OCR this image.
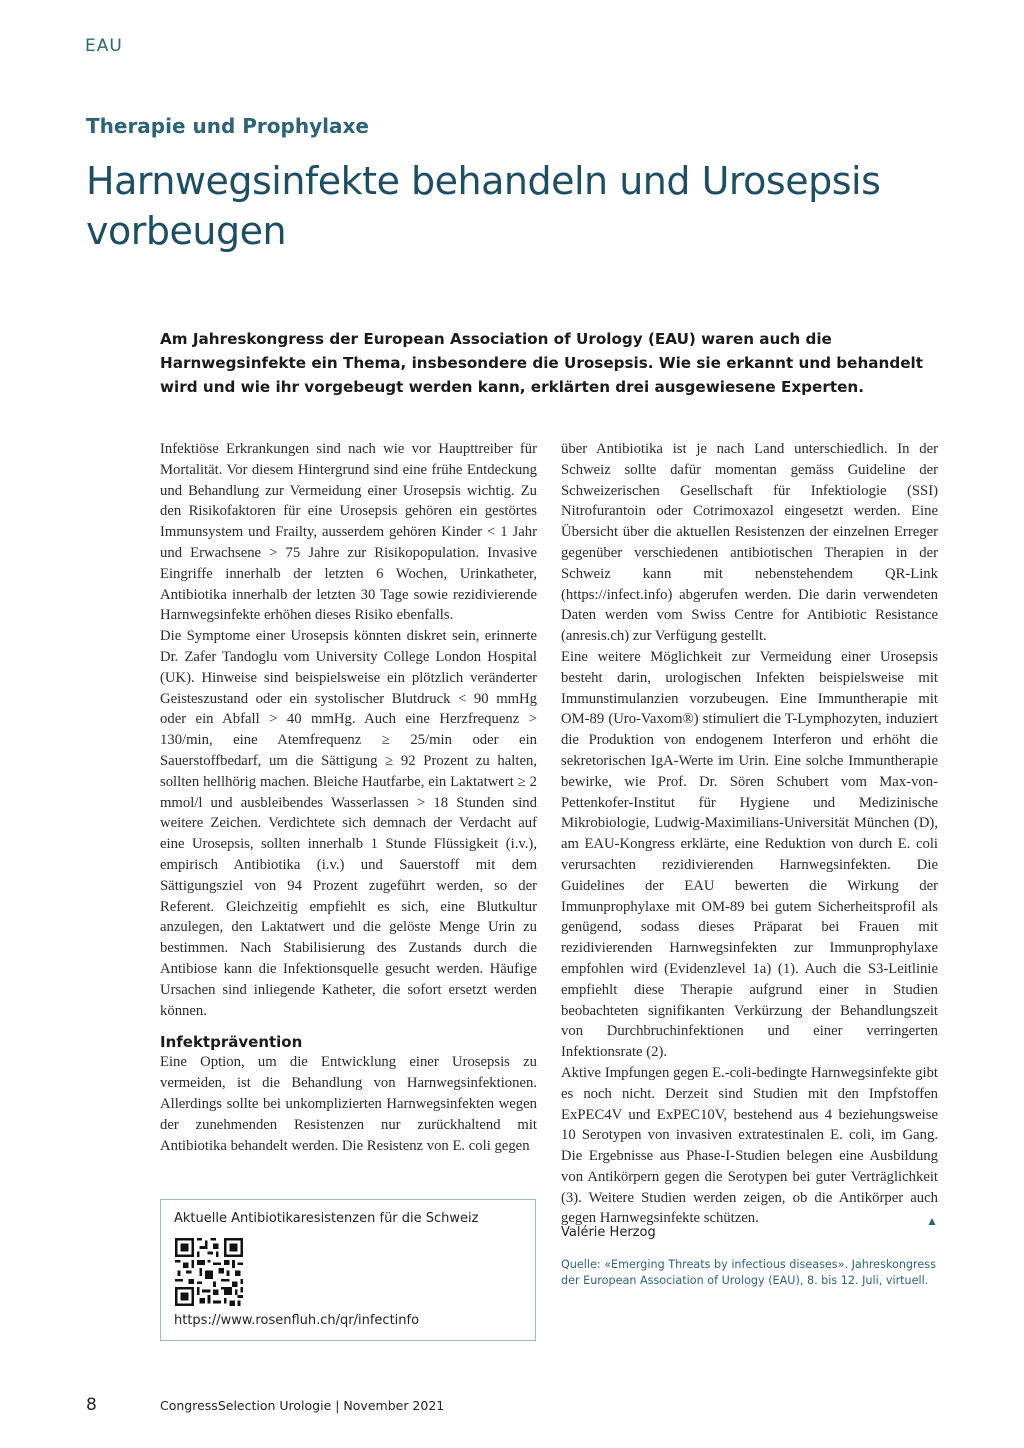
EAU
Therapie und Prophylaxe
Harnwegsinfekte behandeln und Urosepsis vorbeugen
Am Jahreskongress der European Association of Urology (EAU) waren auch die Harnwegsinfekte ein Thema, insbesondere die Urosepsis. Wie sie erkannt und behandelt wird und wie ihr vorgebeugt werden kann, erklärten drei ausgewiesene Experten.

Infektiöse Erkrankungen sind nach wie vor Haupttreiber für Mortalität. Vor diesem Hintergrund sind eine frühe Entdeckung und Behandlung zur Vermeidung einer Urosepsis wichtig. Zu den Risikofaktoren für eine Urosepsis gehören ein gestörtes Immunsystem und Frailty, ausserdem gehören Kinder < 1 Jahr und Erwachsene > 75 Jahre zur Risikopopulation. Invasive Eingriffe innerhalb der letzten 6 Wochen, Urinkatheter, Antibiotika innerhalb der letzten 30 Tage sowie rezidivierende Harnwegsinfekte erhöhen dieses Risiko ebenfalls.

Die Symptome einer Urosepsis könnten diskret sein, erinnerte Dr. Zafer Tandoglu vom University College London Hospital (UK). Hinweise sind beispielsweise ein plötzlich veränderter Geisteszustand oder ein systolischer Blutdruck < 90 mmHg oder ein Abfall > 40 mmHg. Auch eine Herzfrequenz > 130/min, eine Atemfrequenz ≥ 25/min oder ein Sauerstoffbedarf, um die Sättigung ≥ 92 Prozent zu halten, sollten hellhörig machen. Bleiche Hautfarbe, ein Laktatwert ≥ 2 mmol/l und ausbleibendes Wasserlassen > 18 Stunden sind weitere Zeichen. Verdichtete sich demnach der Verdacht auf eine Urosepsis, sollten innerhalb 1 Stunde Flüssigkeit (i.v.), empirisch Antibiotika (i.v.) und Sauerstoff mit dem Sättigungsziel von 94 Prozent zugeführt werden, so der Referent. Gleichzeitig empfiehlt es sich, eine Blutkultur anzulegen, den Laktatwert und die gelöste Menge Urin zu bestimmen. Nach Stabilisierung des Zustands durch die Antibiose kann die Infektionsquelle gesucht werden. Häufige Ursachen sind inliegende Katheter, die sofort ersetzt werden können.

Infektprävention

Eine Option, um die Entwicklung einer Urosepsis zu vermeiden, ist die Behandlung von Harnwegsinfektionen. Allerdings sollte bei unkomplizierten Harnwegsinfekten wegen der zunehmenden Resistenzen nur zurückhaltend mit Antibiotika behandelt werden. Die Resistenz von E. coli gegen

über Antibiotika ist je nach Land unterschiedlich. In der Schweiz sollte dafür momentan gemäss Guideline der Schweizerischen Gesellschaft für Infektiologie (SSI) Nitrofurantoin oder Cotrimoxazol eingesetzt werden. Eine Übersicht über die aktuellen Resistenzen der einzelnen Erreger gegenüber verschiedenen antibiotischen Therapien in der Schweiz kann mit nebenstehendem QR-Link (https://infect.info) abgerufen werden. Die darin verwendeten Daten werden vom Swiss Centre for Antibiotic Resistance (anresis.ch) zur Verfügung gestellt.

Eine weitere Möglichkeit zur Vermeidung einer Urosepsis besteht darin, urologischen Infekten beispielsweise mit Immunstimulanzien vorzubeugen. Eine Immuntherapie mit OM-89 (Uro-Vaxom®) stimuliert die T-Lymphozyten, induziert die Produktion von endogenem Interferon und erhöht die sekretorischen IgA-Werte im Urin. Eine solche Immuntherapie bewirke, wie Prof. Dr. Sören Schubert vom Max-von-Pettenkofer-Institut für Hygiene und Medizinische Mikrobiologie, Ludwig-Maximilians-Universität München (D), am EAU-Kongress erklärte, eine Reduktion von durch E. coli verursachten rezidivierenden Harnwegsinfekten. Die Guidelines der EAU bewerten die Wirkung der Immunprophylaxe mit OM-89 bei gutem Sicherheitsprofil als genügend, sodass dieses Präparat bei Frauen mit rezidivierenden Harnwegsinfekten zur Immunprophylaxe empfohlen wird (Evidenzlevel 1a) (1). Auch die S3-Leitlinie empfiehlt diese Therapie aufgrund einer in Studien beobachteten signifikanten Verkürzung der Behandlungszeit von Durchbruchinfektionen und einer verringerten Infektionsrate (2).

Aktive Impfungen gegen E.-coli-bedingte Harnwegsinfekte gibt es noch nicht. Derzeit sind Studien mit den Impfstoffen ExPEC4V und ExPEC10V, bestehend aus 4 beziehungsweise 10 Serotypen von invasiven extratestinalen E. coli, im Gang. Die Ergebnisse aus Phase-I-Studien belegen eine Ausbildung von Antikörpern gegen die Serotypen bei guter Verträglichkeit (3). Weitere Studien werden zeigen, ob die Antikörper auch gegen Harnwegsinfekte schützen.	▲

Aktuelle Antibiotikaresistenzen für die Schweiz
https://www.rosenfluh.ch/qr/infectinfo
Valérie Herzog
Quelle: «Emerging Threats by infectious diseases». Jahreskongress der European Association of Urology (EAU), 8. bis 12. Juli, virtuell.
8	CongressSelection Urologie | November 2021
